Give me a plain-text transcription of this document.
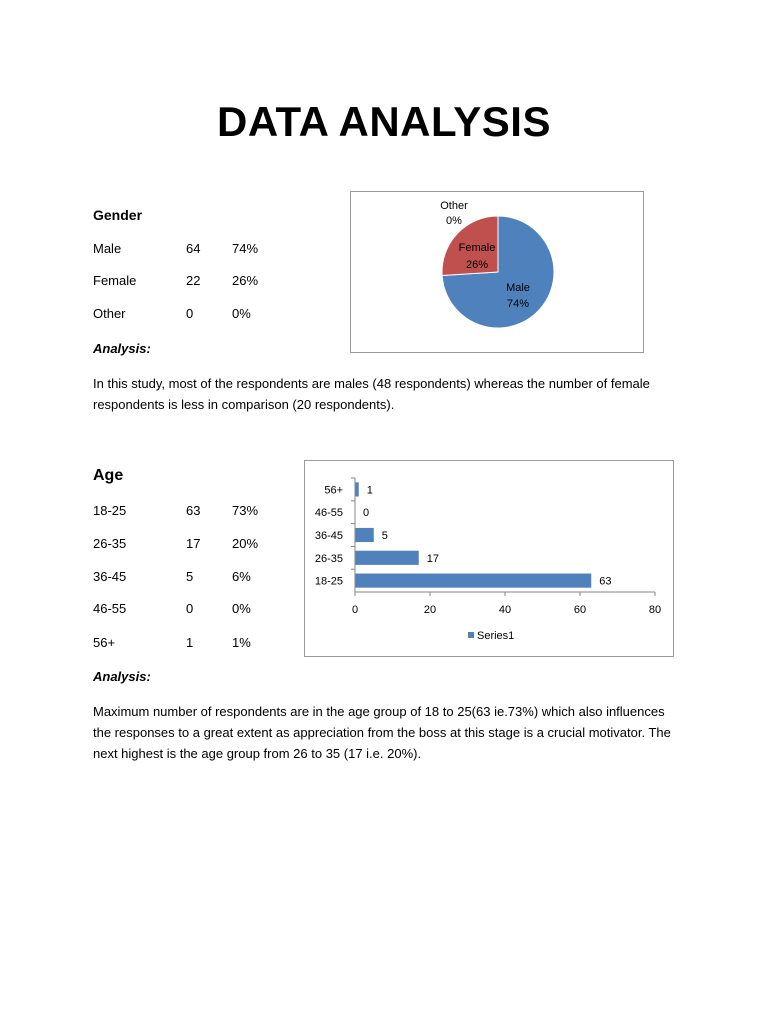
DATA ANALYSIS
Gender
Male	64 74%
Female	22 26%
Other	0	0%
Other
0%
Female
26%
Male
74%
Analysis:
In this study, most of the respondents are males (48 respondents) whereas the number of female respondents is less in comparison (20 respondents).
Age
18-25	63 73%
26-35	17 20%
36-45	5	6%
46-55	0	0%
56+	1	1%
18-25	63
26-35	17
36-45	5
46-55 0
56+ 1
0	20	40	60	80
Series1
Analysis:
Maximum number of respondents are in the age group of 18 to 25(63 ie.73%) which also influences the responses to a great extent as appreciation from the boss at this stage is a crucial motivator. The next highest is the age group from 26 to 35 (17 i.e. 20%).
